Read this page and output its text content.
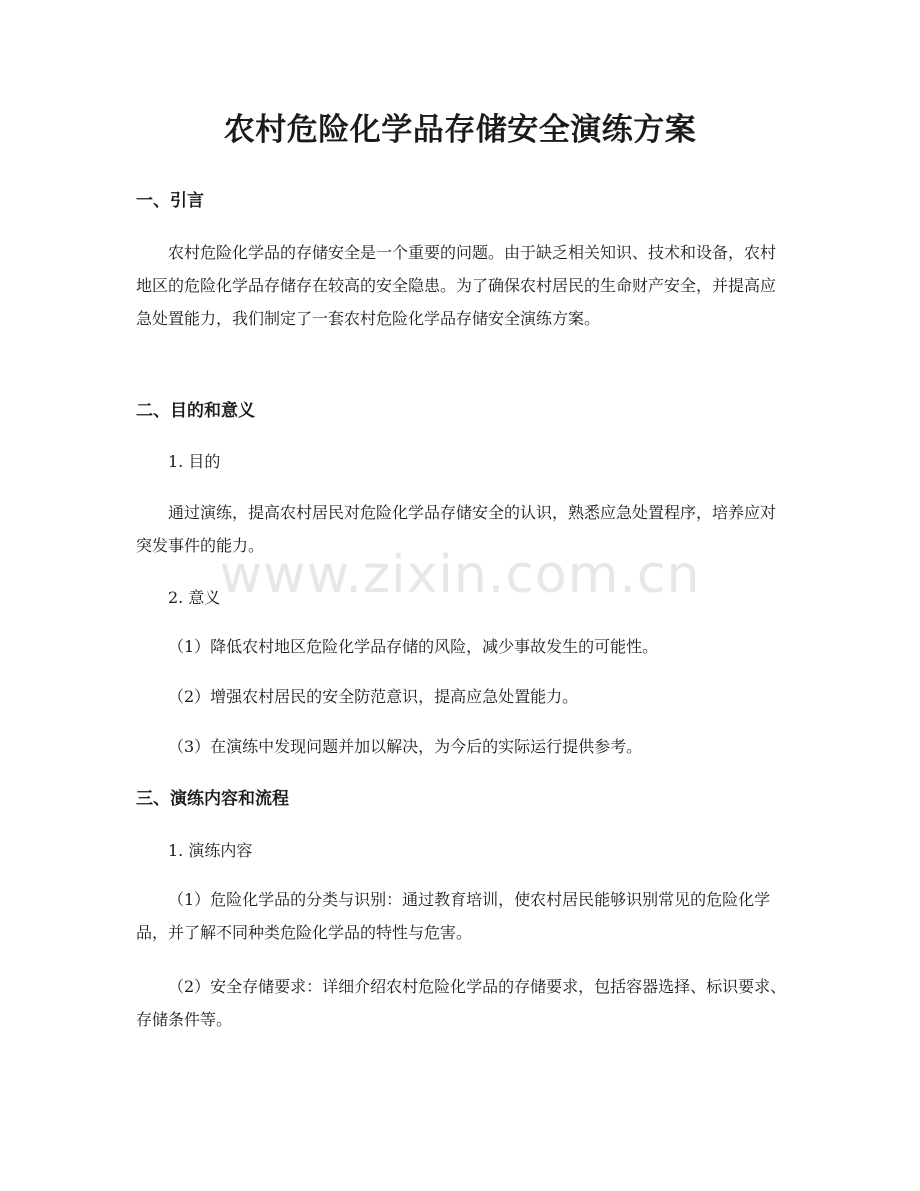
农村危险化学品存储安全演练方案
一、引言

农村危险化学品的存储安全是一个重要的问题。由于缺乏相关知识、技术和设备，农村地区的危险化学品存储存在较高的安全隐患。为了确保农村居民的生命财产安全，并提高应急处置能力，我们制定了一套农村危险化学品存储安全演练方案。

二、目的和意义

1. 目的

通过演练，提高农村居民对危险化学品存储安全的认识，熟悉应急处置程序，培养应对突发事件的能力。

2. 意义

（1）降低农村地区危险化学品存储的风险，减少事故发生的可能性。

（2）增强农村居民的安全防范意识，提高应急处置能力。

（3）在演练中发现问题并加以解决，为今后的实际运行提供参考。

三、演练内容和流程

1. 演练内容

（1）危险化学品的分类与识别：通过教育培训，使农村居民能够识别常见的危险化学品，并了解不同种类危险化学品的特性与危害。

（2）安全存储要求：详细介绍农村危险化学品的存储要求，包括容器选择、标识要求、存储条件等。

www.zixin.com.cn
